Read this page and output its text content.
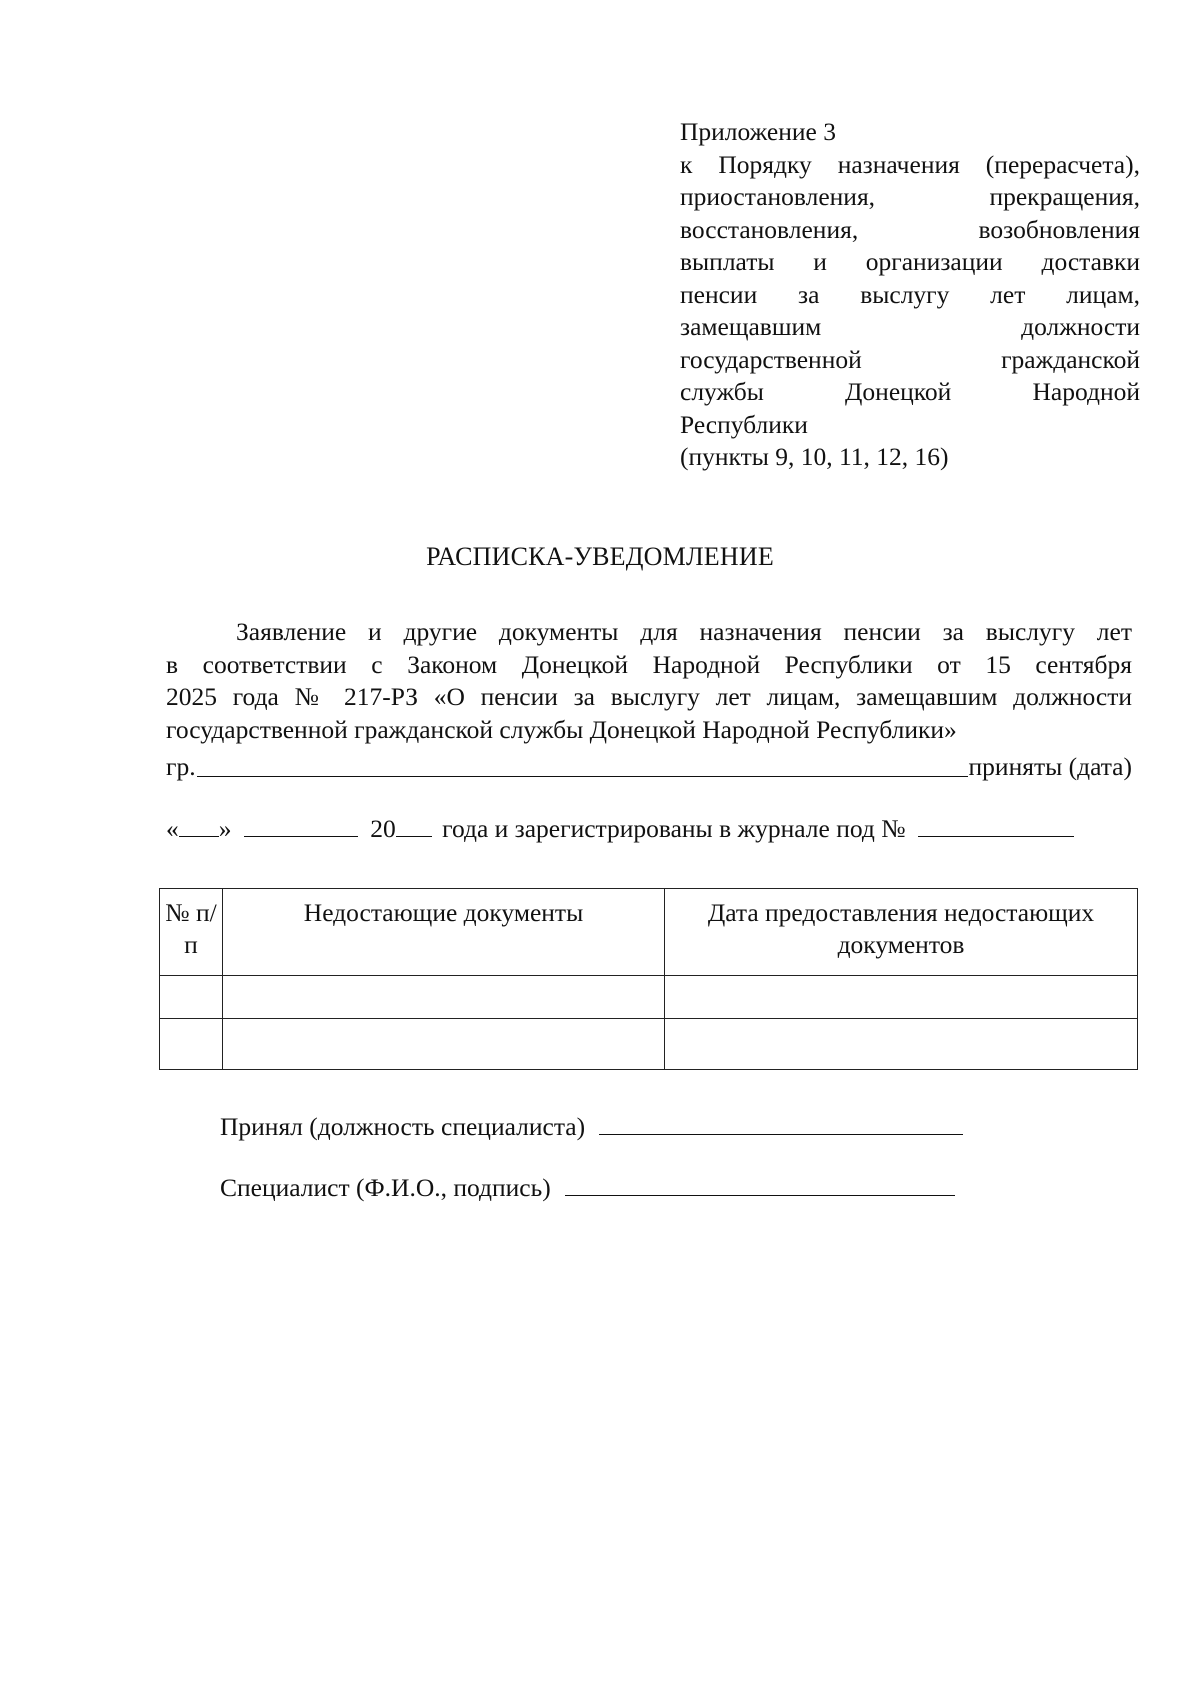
Приложение 3
к Порядку назначения (перерасчета),
приостановления, прекращения,
восстановления, возобновления
выплаты и организации доставки
пенсии за выслугу лет лицам,
замещавшим должности
государственной гражданской
службы Донецкой Народной
Республики
(пункты 9, 10, 11, 12, 16)
РАСПИСКА-УВЕДОМЛЕНИЕ
Заявление и другие документы для назначения пенсии за выслугу лет
в соответствии с Законом Донецкой Народной Республики от 15 сентября
2025 года № 217-РЗ «О пенсии за выслугу лет лицам, замещавшим должности
государственной гражданской службы Донецкой Народной Республики»
гр.	приняты (дата)
« »	20 года и зарегистрированы в журнале под №
№ п/п	Недостающие документы	Дата предоставления недостающих документов

Принял (должность специалиста)
Специалист (Ф.И.О., подпись)
